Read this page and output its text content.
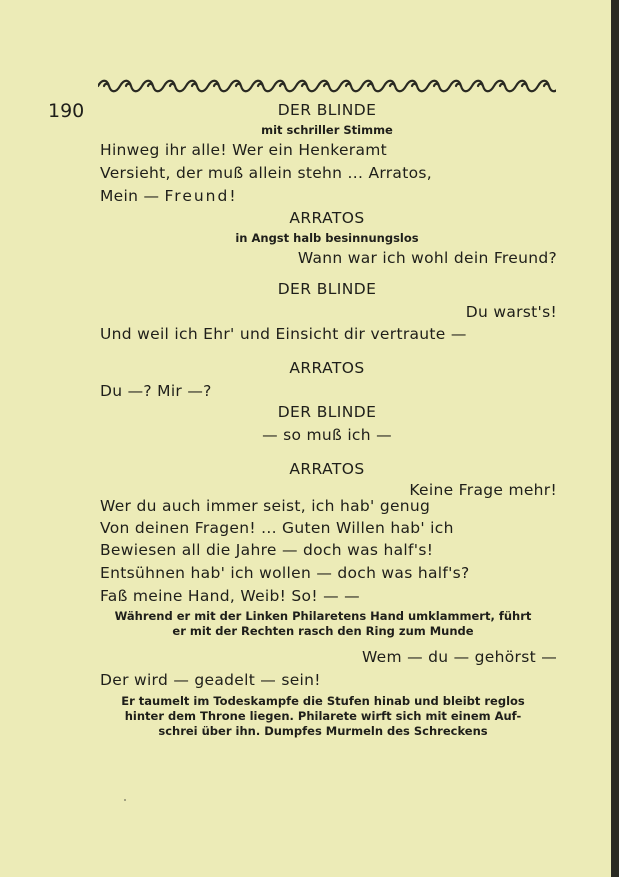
190	DER BLINDE
mit schriller Stimme
Hinweg ihr alle! Wer ein Henkeramt
Versieht, der muß allein stehn ... Arratos,
Mein — Freund!
ARRATOS
in Angst halb besinnungslos
Wann war ich wohl dein Freund?
DER BLINDE
Du warst's!
Und weil ich Ehr' und Einsicht dir vertraute —
ARRATOS
Du —? Mir —?
DER BLINDE
— so muß ich —
ARRATOS
Keine Frage mehr!
Wer du auch immer seist, ich hab' genug
Von deinen Fragen! ... Guten Willen hab' ich
Bewiesen all die Jahre — doch was half's!
Entsühnen hab' ich wollen — doch was half's?
Faß meine Hand, Weib! So! — —
Während er mit der Linken Philaretens Hand umklammert, führt
er mit der Rechten rasch den Ring zum Munde
Wem — du — gehörst —
Der wird — geadelt — sein!
Er taumelt im Todeskampfe die Stufen hinab und bleibt reglos
hinter dem Throne liegen. Philarete wirft sich mit einem Auf-
schrei über ihn. Dumpfes Murmeln des Schreckens
